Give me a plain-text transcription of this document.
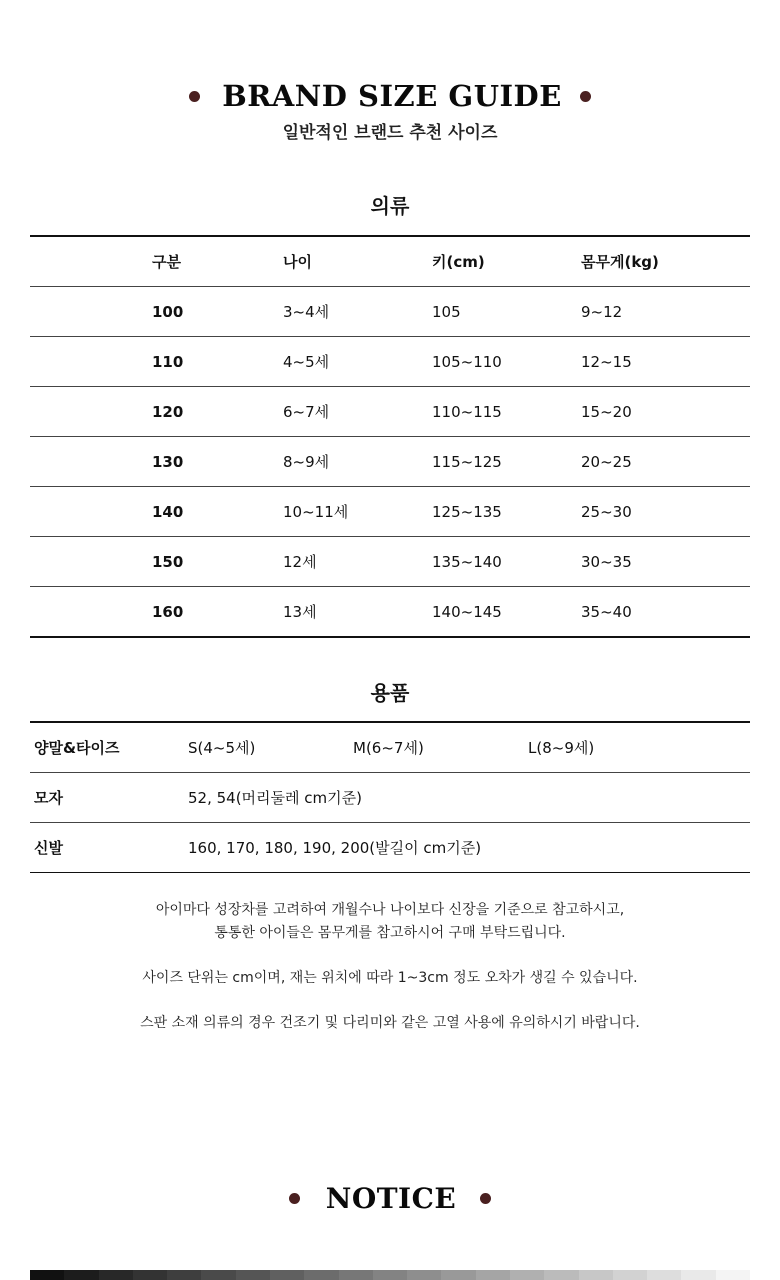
BRAND SIZE GUIDE
일반적인 브랜드 추천 사이즈
의류
	구분	나이	키(cm)	몸무게(kg)
	100	3~4세	105	9~12
	110	4~5세	105~110	12~15
	120	6~7세	110~115	15~20
	130	8~9세	115~125	20~25
	140	10~11세	125~135	25~30
	150	12세	135~140	30~35
	160	13세	140~145	35~40
용품
양말&타이즈	S(4~5세)	M(6~7세)	L(8~9세)
모자	52, 54(머리둘레 cm기준)		
신발	160, 170, 180, 190, 200(발길이 cm기준)		
아이마다 성장차를 고려하여 개월수나 나이보다 신장을 기준으로 참고하시고,
통통한 아이들은 몸무게를 참고하시어 구매 부탁드립니다.
사이즈 단위는 cm이며, 재는 위치에 따라 1~3cm 정도 오차가 생길 수 있습니다.
스판 소재 의류의 경우 건조기 및 다리미와 같은 고열 사용에 유의하시기 바랍니다.
NOTICE
